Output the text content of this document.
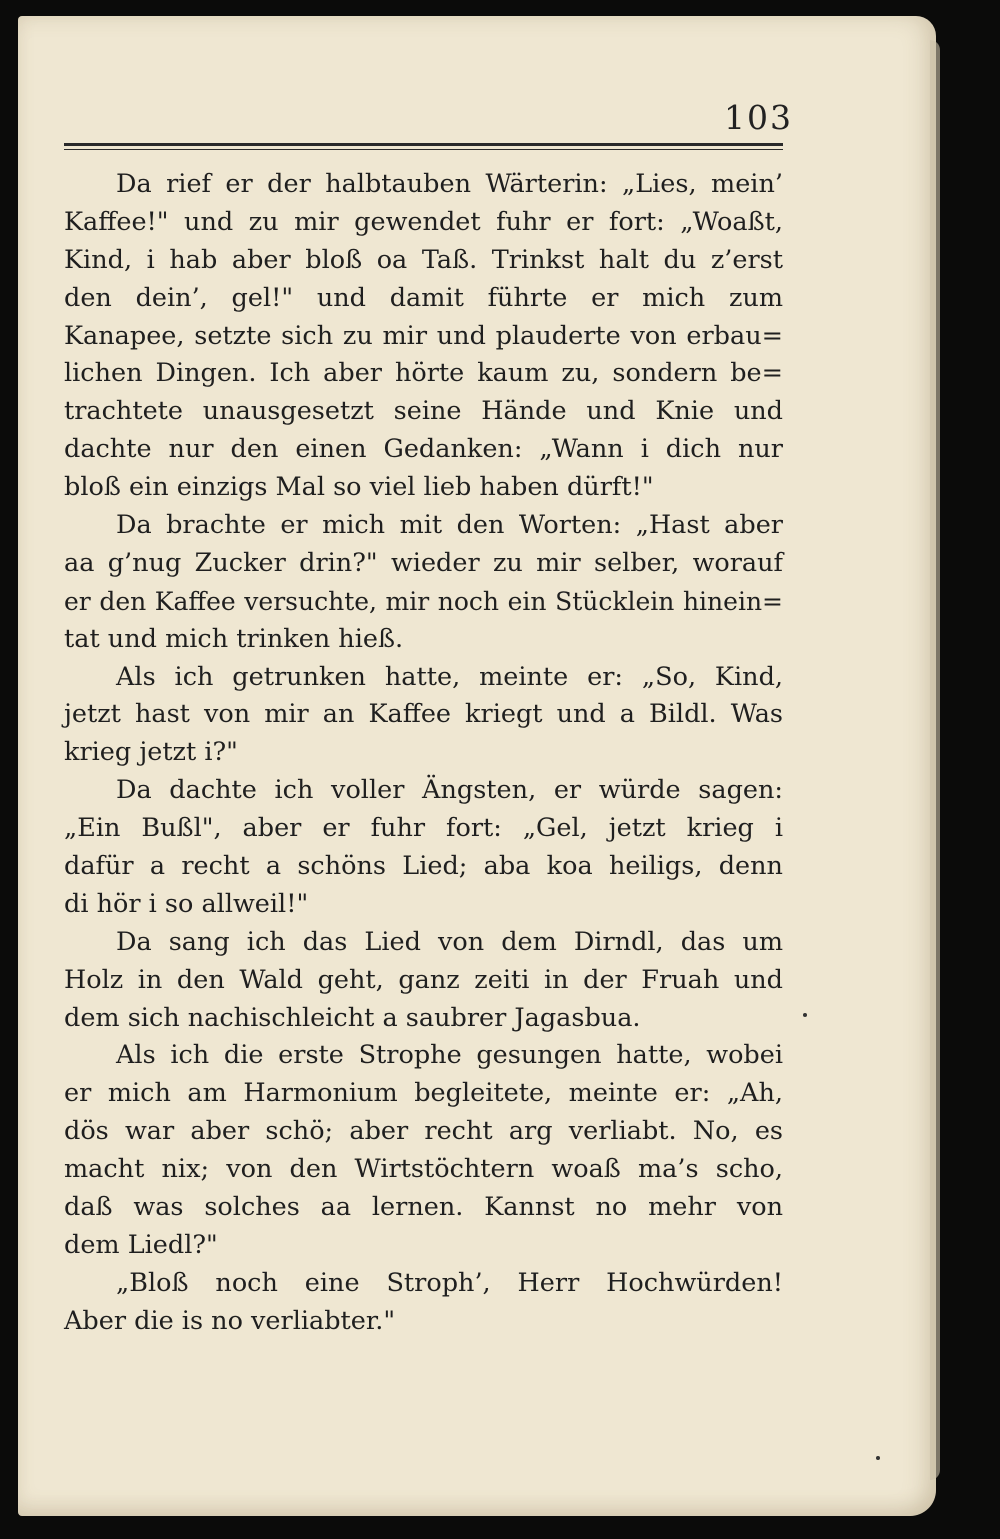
103
Da rief er der halbtauben Wärterin: „Lies, mein’
Kaffee!" und zu mir gewendet fuhr er fort: „Woaßt,
Kind, i hab aber bloß oa Taß. Trinkst halt du z’erst
den dein’, gel!" und damit führte er mich zum
Kanapee, setzte sich zu mir und plauderte von erbau=
lichen Dingen. Ich aber hörte kaum zu, sondern be=
trachtete unausgesetzt seine Hände und Knie und
dachte nur den einen Gedanken: „Wann i dich nur
bloß ein einzigs Mal so viel lieb haben dürft!"
Da brachte er mich mit den Worten: „Hast aber
aa g’nug Zucker drin?" wieder zu mir selber, worauf
er den Kaffee versuchte, mir noch ein Stücklein hinein=
tat und mich trinken hieß.
Als ich getrunken hatte, meinte er: „So, Kind,
jetzt hast von mir an Kaffee kriegt und a Bildl. Was
krieg jetzt i?"
Da dachte ich voller Ängsten, er würde sagen:
„Ein Bußl", aber er fuhr fort: „Gel, jetzt krieg i
dafür a recht a schöns Lied; aba koa heiligs, denn
di hör i so allweil!"
Da sang ich das Lied von dem Dirndl, das um
Holz in den Wald geht, ganz zeiti in der Fruah und
dem sich nachischleicht a saubrer Jagasbua.
Als ich die erste Strophe gesungen hatte, wobei
er mich am Harmonium begleitete, meinte er: „Ah,
dös war aber schö; aber recht arg verliabt. No, es
macht nix; von den Wirtstöchtern woaß ma’s scho,
daß was solches aa lernen. Kannst no mehr von
dem Liedl?"
„Bloß noch eine Stroph’, Herr Hochwürden!
Aber die is no verliabter."
